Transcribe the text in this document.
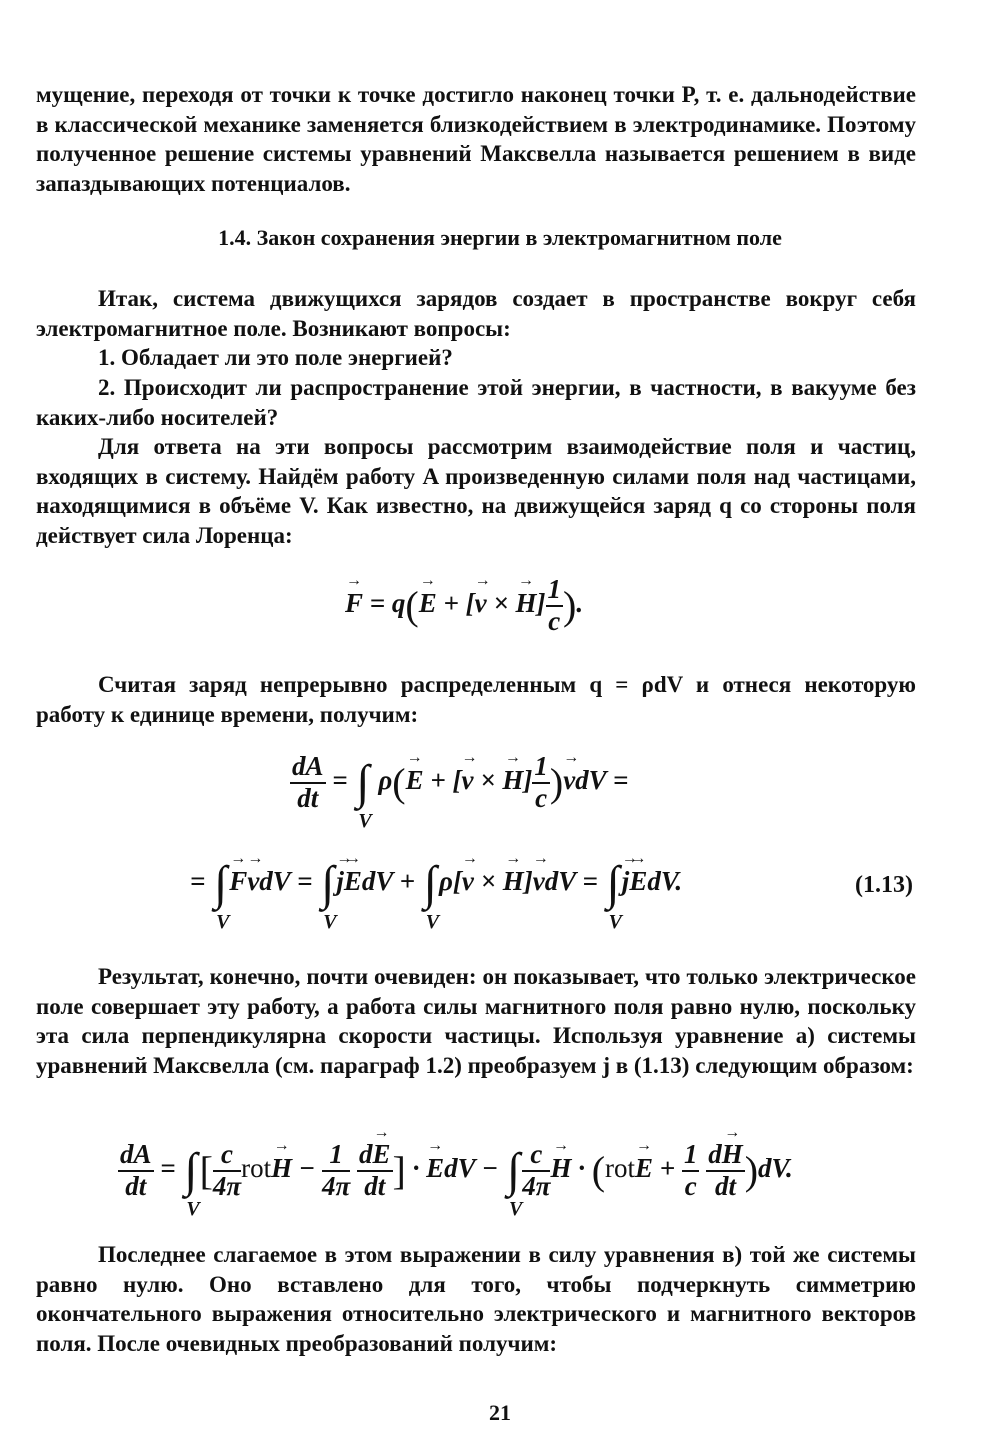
мущение, переходя от точки к точке достигло наконец точки P, т. е. дальнодействие в классической механике заменяется близкодействием в электродинамике. Поэтому полученное решение системы уравнений Максвелла называется решением в виде запаздывающих потенциалов.
1.4. Закон сохранения энергии в электромагнитном поле
Итак, система движущихся зарядов создает в пространстве вокруг себя электромагнитное поле. Возникают вопросы:
1. Обладает ли это поле энергией?
2. Происходит ли распространение этой энергии, в частности, в вакууме без каких-либо носителей?
Для ответа на эти вопросы рассмотрим взаимодействие поля и частиц, входящих в систему. Найдём работу A произведенную силами поля над частицами, находящимися в объёме V. Как известно, на движущейся заряд q со стороны поля действует сила Лоренца:
→ F = q(→ E + [→ v × → $H] \frac{1}{c}$ ).
Считая заряд непрерывно распределенным q = ρdV и отнеся некоторую работу к единице времени, получим:
$\frac{dA}{dt}$ = ∫
V
ρ(→ E + [→ v × → $H] \frac{1}{c}$ )→ vdV =
= ∫
V
→ F→ vdV = ∫
V
→ j→ EdV + ∫
V
ρ[→ v × → H]→ vdV = ∫
V
→ j→ EdV.	(1.13)
Результат, конечно, почти очевиден: он показывает, что только электрическое поле совершает эту работу, а работа силы магнитного поля равно нулю, поскольку эта сила перпендикулярна скорости частицы. Используя уравнение а) системы уравнений Максвелла (см. параграф 1.2) преобразуем j в (1.13) следующим образом:
$\frac{dA}{dt}$ = ∫
V
[ $\frac{c}{4\pi} rot\to H - \frac{1}{4\pi}$
$\frac{d\to E}{dt}$ ] · → EdV − ∫
V
$\frac{c}{4\pi}$
→ $H \cdot (rot\to E + \frac{1}{c}$
$\frac{d\to H}{dt} )dV$.
Последнее слагаемое в этом выражении в силу уравнения в) той же системы равно нулю. Оно вставлено для того, чтобы подчеркнуть симметрию окончательного выражения относительно электрического и магнитного векторов поля. После очевидных преобразований получим:
21
